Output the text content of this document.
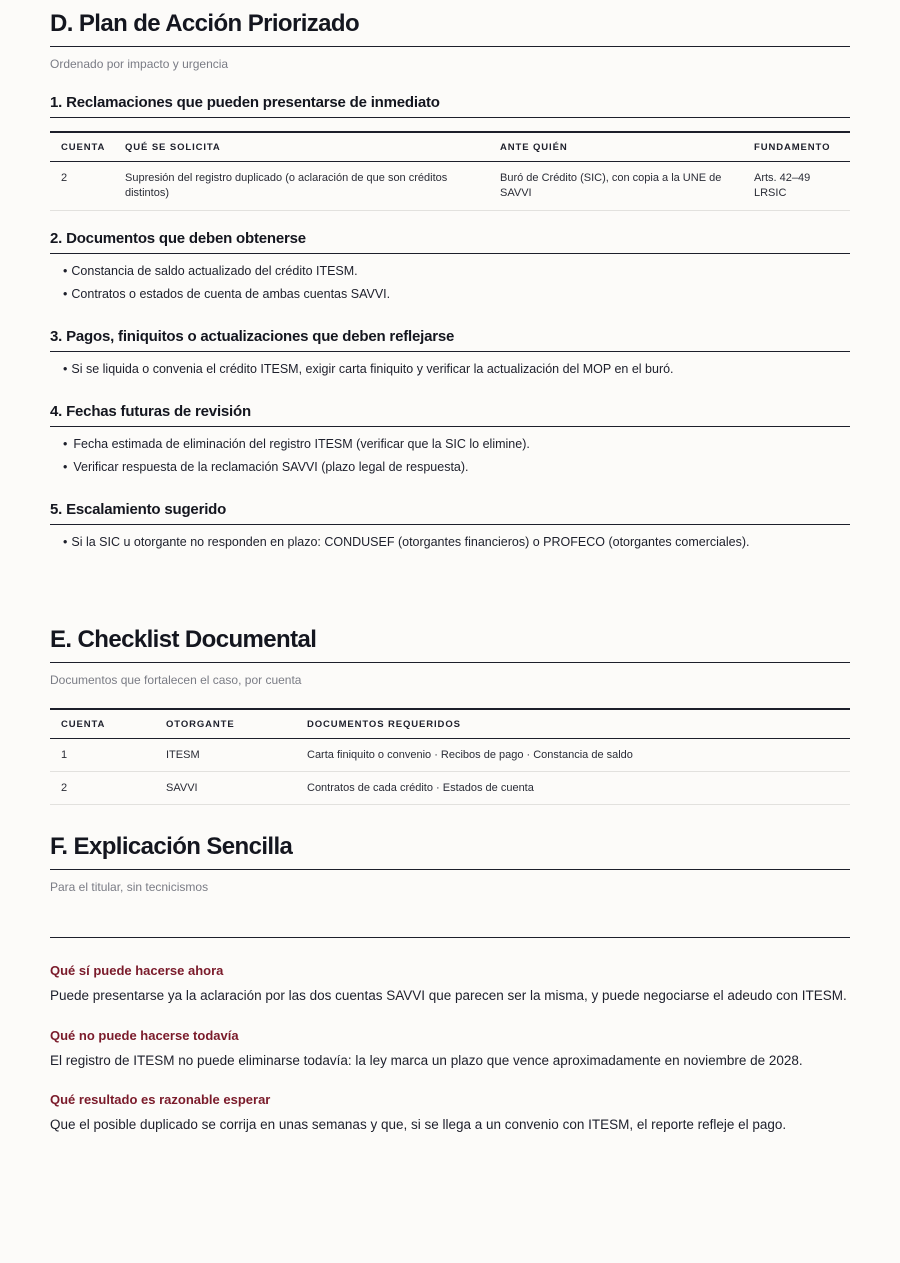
D. Plan de Acción Priorizado

Ordenado por impacto y urgencia

1. Reclamaciones que pueden presentarse de inmediato
CUENTA	QUÉ SE SOLICITA	ANTE QUIÉN	FUNDAMENTO
2	Supresión del registro duplicado (o aclaración de que son créditos distintos)	Buró de Crédito (SIC), con copia a la UNE de SAVVI	Arts. 42–49 LRSIC
2. Documentos que deben obtenerse
• Constancia de saldo actualizado del crédito ITESM.
• Contratos o estados de cuenta de ambas cuentas SAVVI.
3. Pagos, finiquitos o actualizaciones que deben reflejarse
• Si se liquida o convenia el crédito ITESM, exigir carta finiquito y verificar la actualización del MOP en el buró.
4. Fechas futuras de revisión
• Fecha estimada de eliminación del registro ITESM (verificar que la SIC lo elimine).
• Verificar respuesta de la reclamación SAVVI (plazo legal de respuesta).
5. Escalamiento sugerido
• Si la SIC u otorgante no responden en plazo: CONDUSEF (otorgantes financieros) o PROFECO (otorgantes comerciales).
E. Checklist Documental

Documentos que fortalecen el caso, por cuenta

CUENTA	OTORGANTE	DOCUMENTOS REQUERIDOS
1	ITESM	Carta finiquito o convenio · Recibos de pago · Constancia de saldo
2	SAVVI	Contratos de cada crédito · Estados de cuenta
F. Explicación Sencilla

Para el titular, sin tecnicismos

Qué sí puede hacerse ahora

Puede presentarse ya la aclaración por las dos cuentas SAVVI que parecen ser la misma, y puede negociarse el adeudo con ITESM.

Qué no puede hacerse todavía

El registro de ITESM no puede eliminarse todavía: la ley marca un plazo que vence aproximadamente en noviembre de 2028.

Qué resultado es razonable esperar

Que el posible duplicado se corrija en unas semanas y que, si se llega a un convenio con ITESM, el reporte refleje el pago.
